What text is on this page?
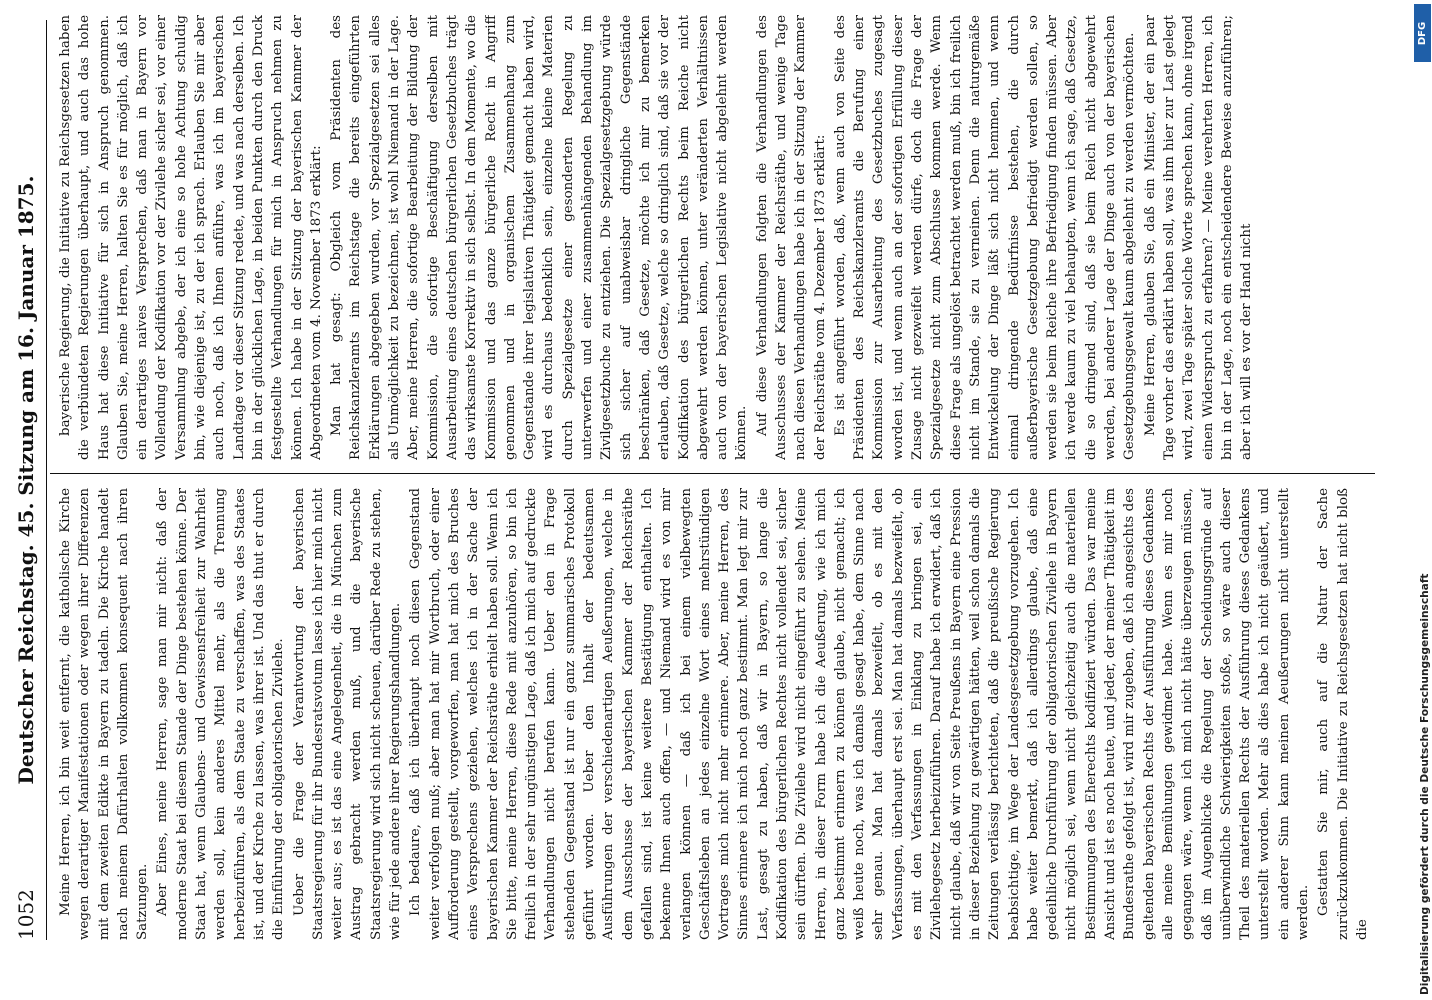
1052
Deutscher Reichstag. 45. Sitzung am 16. Januar 1875. Meine Herren, ich bin weit entfernt, die katholische Kirche wegen derartiger Manifestationen oder wegen ihrer Differenzen mit dem zweiten Edikte in Bayern zu tadeln. Die Kirche handelt nach meinem Dafürhalten vollkommen konsequent nach ihren Satzungen. Aber Eines, meine Herren, sage man mir nicht: daß der moderne Staat bei diesem Stande der Dinge bestehen könne. Der Staat hat, wenn Glaubens- und Gewissensfreiheit zur Wahrheit werden soll, kein anderes Mittel mehr, als die Trennung herbeizuführen, als dem Staate zu verschaffen, was des Staates ist, und der Kirche zu lassen, was ihrer ist. Und das thut er durch die Einführung der obligatorischen Zivilehe. Ueber die Frage der Verantwortung der bayerischen Staatsregierung für ihr Bundesratsvotum lasse ich hier mich nicht weiter aus; es ist das eine Angelegenheit, die in München zum Austrag gebracht werden muß, und die bayerische Staatsregierung wird sich nicht scheuen, darüber Rede zu stehen, wie für jede andere ihrer Regierungshandlungen. Ich bedaure, daß ich überhaupt noch diesen Gegenstand weiter verfolgen muß; aber man hat mir Wortbruch, oder einer Aufforderung gestellt, vorgeworfen, man hat mich des Bruches eines Versprechens geziehen, welches ich in der Sache der bayerischen Kammer der Reichsräthe erhielt haben soll. Wenn ich Sie bitte, meine Herren, diese Rede mit anzuhören, so bin ich freilich in der sehr ungünstigen Lage, daß ich mich auf gedruckte Verhandlungen nicht berufen kann. Ueber den in Frage stehenden Gegenstand ist nur ein ganz summarisches Protokoll geführt worden. Ueber den Inhalt der bedeutsamen Ausführungen der verschiedenartigen Aeußerungen, welche in dem Ausschusse der bayerischen Kammer der Reichsräthe gefallen sind, ist keine weitere Bestätigung enthalten. Ich bekenne Ihnen auch offen, — und Niemand wird es von mir verlangen können — daß ich bei einem vielbewegten Geschäftsleben an jedes einzelne Wort eines mehrstündigen Vortrages mich nicht mehr erinnere. Aber, meine Herren, des Sinnes erinnere ich mich noch ganz bestimmt. Man legt mir zur Last, gesagt zu haben, daß wir in Bayern, so lange die Kodifikation des bürgerlichen Rechtes nicht vollendet sei, sicher sein dürften. Die Zivilehe wird nicht eingeführt zu sehen. Meine Herren, in dieser Form habe ich die Aeußerung, wie ich mich ganz bestimmt erinnern zu können glaube, nicht gemacht; ich weiß heute noch, was ich damals gesagt habe, dem Sinne nach sehr genau. Man hat damals bezweifelt, ob es mit den Verfassungen, überhaupt erst sei. Man hat damals bezweifelt, ob es mit den Verfassungen in Einklang zu bringen sei, ein Zivilehegesetz herbeizuführen. Darauf habe ich erwidert, daß ich nicht glaube, daß wir von Seite Preußens in Bayern eine Pression in dieser Beziehung zu gewärtigen hätten, weil schon damals die Zeitungen verlässig berichteten, daß die preußische Regierung beabsichtige, im Wege der Landesgesetzgebung vorzugehen. Ich habe weiter bemerkt, daß ich allerdings glaube, daß eine gedeihliche Durchführung der obligatorischen Zivilehe in Bayern nicht möglich sei, wenn nicht gleichzeitig auch die materiellen Bestimmungen des Eherechts kodifiziert würden. Das war meine Ansicht und ist es noch heute, und jeder, der meiner Thätigkeit im Bundesrathe gefolgt ist, wird mir zugeben, daß ich angesichts des geltenden bayerischen Rechts der Ausführung dieses Gedankens alle meine Bemühungen gewidmet habe. Wenn es mir noch gegangen wäre, wenn ich mich nicht hätte überzeugen müssen, daß im Augenblicke die Regelung der Scheidungsgründe auf unüberwindliche Schwierigkeiten stoße, so wäre auch dieser Theil des materiellen Rechts der Ausführung dieses Gedankens unterstellt worden. Mehr als dies habe ich nicht geäußert, und ein anderer Sinn kann meinen Aeußerungen nicht unterstellt werden. Gestatten Sie mir, auch auf die Natur der Sache zurückzukommen. Die Initiative zu Reichsgesetzen hat nicht bloß die

bayerische Regierung, die Initiative zu Reichsgesetzen haben die verbündeten Regierungen überhaupt, und auch das hohe Haus hat diese Initiative für sich in Anspruch genommen. Glauben Sie, meine Herren, halten Sie es für möglich, daß ich ein derartiges naives Versprechen, daß man in Bayern vor Vollendung der Kodifikation vor der Zivilehe sicher sei, vor einer Versammlung abgebe, der ich eine so hohe Achtung schuldig bin, wie diejenige ist, zu der ich sprach. Erlauben Sie mir aber auch noch, daß ich Ihnen anführe, was ich im bayerischen Landtage vor dieser Sitzung redete, und was nach derselben. Ich bin in der glücklichen Lage, in beiden Punkten durch den Druck festgestellte Verhandlungen für mich in Anspruch nehmen zu können. Ich habe in der Sitzung der bayerischen Kammer der Abgeordneten vom 4. November 1873 erklärt: Man hat gesagt: Obgleich vom Präsidenten des Reichskanzleramts im Reichstage die bereits eingeführten Erklärungen abgegeben wurden, vor Spezialgesetzen sei alles als Unmöglichkeit zu bezeichnen, ist wohl Niemand in der Lage. Aber, meine Herren, die sofortige Bearbeitung der Bildung der Kommission, die sofortige Beschäftigung derselben mit Ausarbeitung eines deutschen bürgerlichen Gesetzbuches trägt das wirksamste Korrektiv in sich selbst. In dem Momente, wo die Kommission und das ganze bürgerliche Recht in Angriff genommen und in organischem Zusammenhang zum Gegenstande ihrer legislativen Thätigkeit gemacht haben wird, wird es durchaus bedenklich sein, einzelne kleine Materien durch Spezialgesetze einer gesonderten Regelung zu unterwerfen und einer zusammenhängenden Behandlung im Zivilgesetzbuche zu entziehen. Die Spezialgesetzgebung würde sich sicher auf unabweisbar dringliche Gegenstände beschränken, daß Gesetze, möchte ich mir zu bemerken erlauben, daß Gesetze, welche so dringlich sind, daß sie vor der Kodifikation des bürgerlichen Rechts beim Reiche nicht abgewehrt werden können, unter veränderten Verhältnissen auch von der bayerischen Legislative nicht abgelehnt werden können. Auf diese Verhandlungen folgten die Verhandlungen des Ausschusses der Kammer der Reichsräthe, und wenige Tage nach diesen Verhandlungen habe ich in der Sitzung der Kammer der Reichsräthe vom 4. Dezember 1873 erklärt: Es ist angeführt worden, daß, wenn auch von Seite des Präsidenten des Reichskanzleramts die Berufung einer Kommission zur Ausarbeitung des Gesetzbuches zugesagt worden ist, und wenn auch an der sofortigen Erfüllung dieser Zusage nicht gezweifelt werden dürfe, doch die Frage der Spezialgesetze nicht zum Abschlusse kommen werde. Wenn diese Frage als ungelöst betrachtet werden muß, bin ich freilich nicht im Stande, sie zu verneinen. Denn die naturgemäße Entwickelung der Dinge läßt sich nicht hemmen, und wenn einmal dringende Bedürfnisse bestehen, die durch außerbayerische Gesetzgebung befriedigt werden sollen, so werden sie beim Reiche ihre Befriedigung finden müssen. Aber ich werde kaum zu viel behaupten, wenn ich sage, daß Gesetze, die so dringend sind, daß sie beim Reich nicht abgewehrt werden, bei anderer Lage der Dinge auch von der bayerischen Gesetzgebungsgewalt kaum abgelehnt zu werden vermöchten. Meine Herren, glauben Sie, daß ein Minister, der ein paar Tage vorher das erklärt haben soll, was ihm hier zur Last gelegt wird, zwei Tage später solche Worte sprechen kann, ohne irgend einen Widerspruch zu erfahren? — Meine verehrten Herren, ich bin in der Lage, noch ein entscheidendere Beweise anzuführen; aber ich will es vor der Hand nicht

DFG
Digitalisierung gefördert durch die Deutsche Forschungsgemeinschaft
